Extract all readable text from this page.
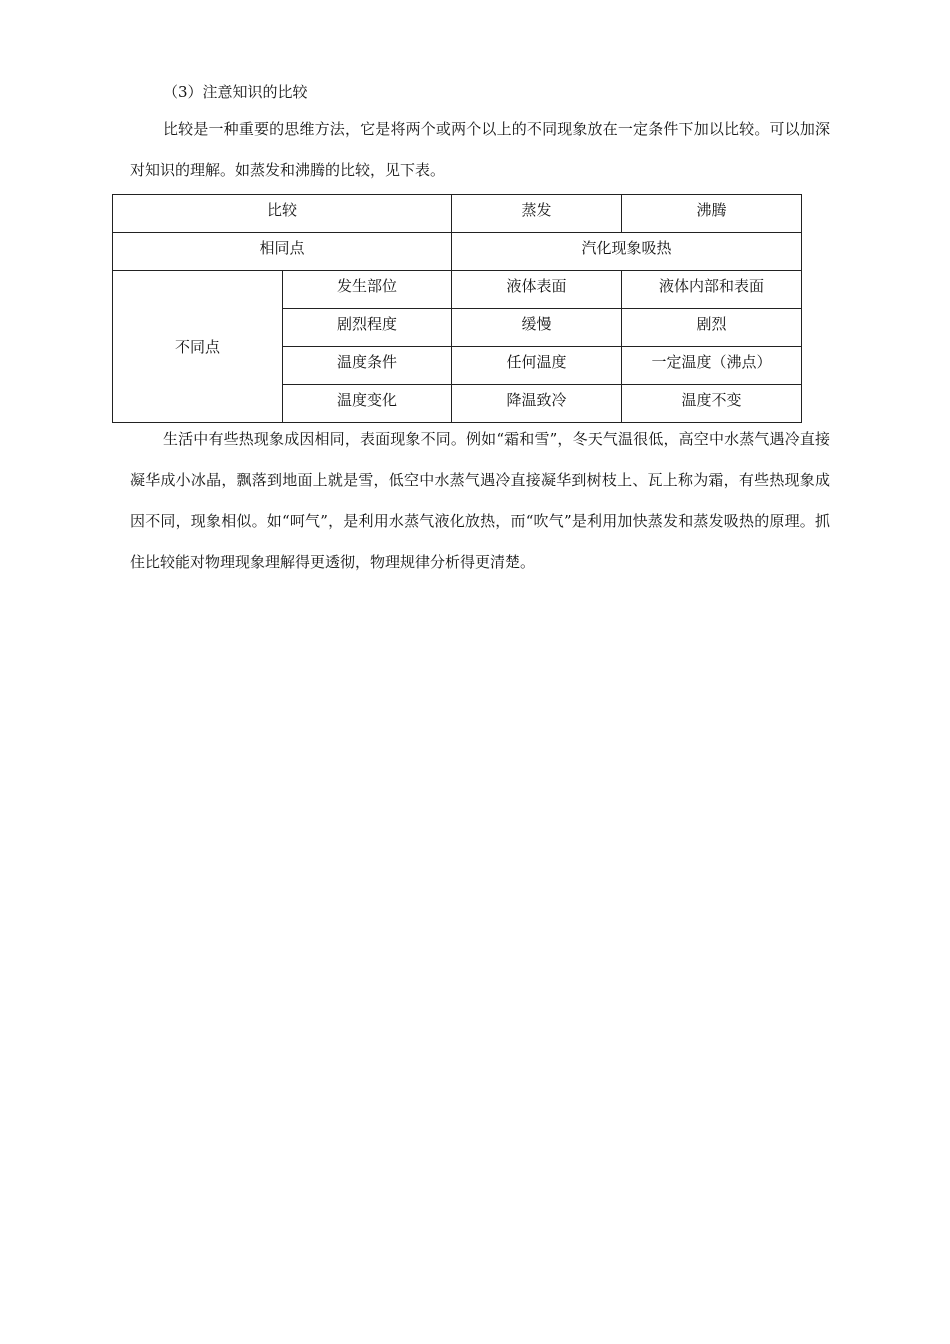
（3）注意知识的比较

比较是一种重要的思维方法，它是将两个或两个以上的不同现象放在一定条件下加以比较。可以加深对知识的理解。如蒸发和沸腾的比较，见下表。

比较		蒸发	沸腾
相同点		汽化现象吸热	
不同点	发生部位	液体表面	液体内部和表面
	剧烈程度	缓慢	剧烈
	温度条件	任何温度	一定温度（沸点）
	温度变化	降温致冷	温度不变

生活中有些热现象成因相同，表面现象不同。例如“霜和雪”，冬天气温很低，高空中水蒸气遇冷直接凝华成小冰晶，飘落到地面上就是雪，低空中水蒸气遇冷直接凝华到树枝上、瓦上称为霜，有些热现象成因不同，现象相似。如“呵气”，是利用水蒸气液化放热，而“吹气”是利用加快蒸发和蒸发吸热的原理。抓住比较能对物理现象理解得更透彻，物理规律分析得更清楚。
